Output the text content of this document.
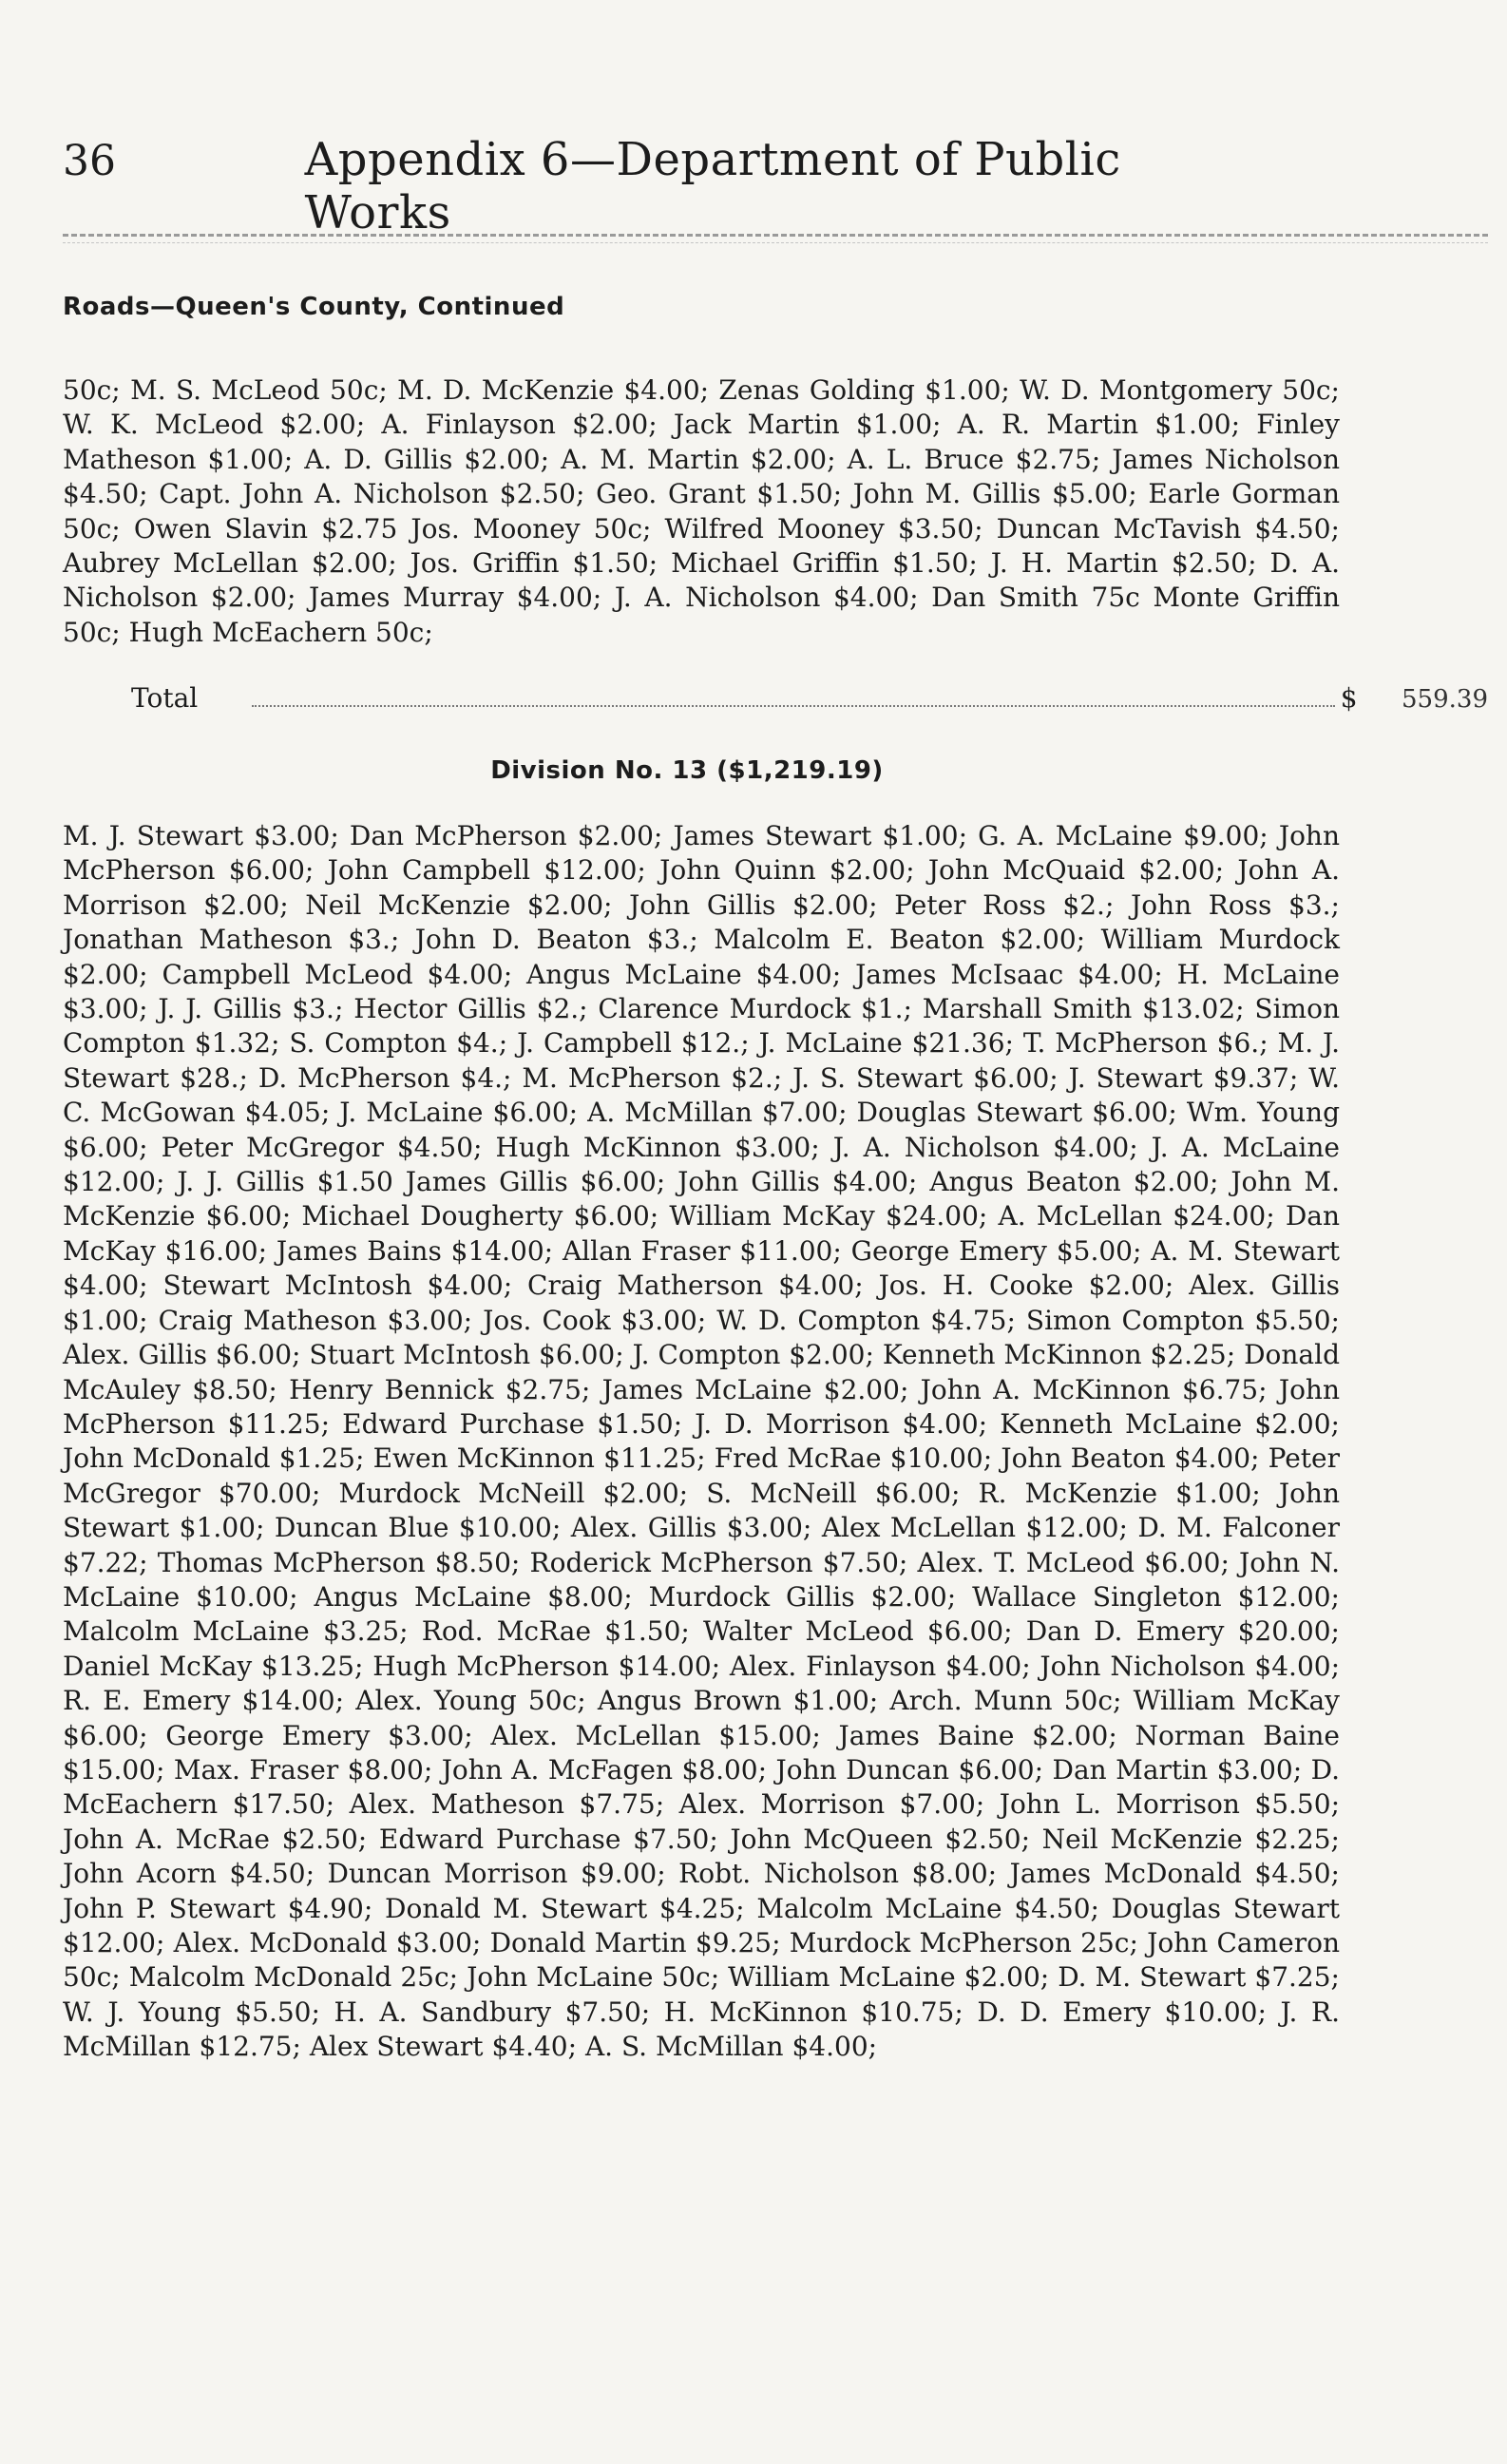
36	Appendix 6—Department of Public Works
Roads—Queen's County, Continued
50c; M. S. McLeod 50c; M. D. McKenzie $4.00; Zenas Golding $1.00; W. D. Montgomery 50c; W. K. McLeod $2.00; A. Finlayson $2.00; Jack Martin $1.00; A. R. Martin $1.00; Finley Matheson $1.00; A. D. Gillis $2.00; A. M. Martin $2.00; A. L. Bruce $2.75; James Nicholson $4.50; Capt. John A. Nicholson $2.50; Geo. Grant $1.50; John M. Gillis $5.00; Earle Gorman 50c; Owen Slavin $2.75 Jos. Mooney 50c; Wilfred Mooney $3.50; Duncan McTavish $4.50; Aubrey McLellan $2.00; Jos. Griffin $1.50; Michael Griffin $1.50; J. H. Martin $2.50; D. A. Nicholson $2.00; James Murray $4.00; J. A. Nicholson $4.00; Dan Smith 75c Monte Griffin 50c; Hugh McEachern 50c;
Total	$	559.39
Division No. 13 ($1,219.19)
M. J. Stewart $3.00; Dan McPherson $2.00; James Stewart $1.00; G. A. McLaine $9.00; John McPherson $6.00; John Campbell $12.00; John Quinn $2.00; John McQuaid $2.00; John A. Morrison $2.00; Neil McKenzie $2.00; John Gillis $2.00; Peter Ross $2.; John Ross $3.; Jonathan Matheson $3.; John D. Beaton $3.; Malcolm E. Beaton $2.00; William Murdock $2.00; Campbell McLeod $4.00; Angus McLaine $4.00; James McIsaac $4.00; H. McLaine $3.00; J. J. Gillis $3.; Hector Gillis $2.; Clarence Murdock $1.; Marshall Smith $13.02; Simon Compton $1.32; S. Compton $4.; J. Campbell $12.; J. McLaine $21.36; T. McPherson $6.; M. J. Stewart $28.; D. McPherson $4.; M. McPherson $2.; J. S. Stewart $6.00; J. Stewart $9.37; W. C. McGowan $4.05; J. McLaine $6.00; A. McMillan $7.00; Douglas Stewart $6.00; Wm. Young $6.00; Peter McGregor $4.50; Hugh McKinnon $3.00; J. A. Nicholson $4.00; J. A. McLaine $12.00; J. J. Gillis $1.50 James Gillis $6.00; John Gillis $4.00; Angus Beaton $2.00; John M. McKenzie $6.00; Michael Dougherty $6.00; William McKay $24.00; A. McLellan $24.00; Dan McKay $16.00; James Bains $14.00; Allan Fraser $11.00; George Emery $5.00; A. M. Stewart $4.00; Stewart McIntosh $4.00; Craig Matherson $4.00; Jos. H. Cooke $2.00; Alex. Gillis $1.00; Craig Matheson $3.00; Jos. Cook $3.00; W. D. Compton $4.75; Simon Compton $5.50; Alex. Gillis $6.00; Stuart McIntosh $6.00; J. Compton $2.00; Kenneth McKinnon $2.25; Donald McAuley $8.50; Henry Bennick $2.75; James McLaine $2.00; John A. McKinnon $6.75; John McPherson $11.25; Edward Purchase $1.50; J. D. Morrison $4.00; Kenneth McLaine $2.00; John McDonald $1.25; Ewen McKinnon $11.25; Fred McRae $10.00; John Beaton $4.00; Peter McGregor $70.00; Murdock McNeill $2.00; S. McNeill $6.00; R. McKenzie $1.00; John Stewart $1.00; Duncan Blue $10.00; Alex. Gillis $3.00; Alex McLellan $12.00; D. M. Falconer $7.22; Thomas McPherson $8.50; Roderick McPherson $7.50; Alex. T. McLeod $6.00; John N. McLaine $10.00; Angus McLaine $8.00; Murdock Gillis $2.00; Wallace Singleton $12.00; Malcolm McLaine $3.25; Rod. McRae $1.50; Walter McLeod $6.00; Dan D. Emery $20.00; Daniel McKay $13.25; Hugh McPherson $14.00; Alex. Finlayson $4.00; John Nicholson $4.00; R. E. Emery $14.00; Alex. Young 50c; Angus Brown $1.00; Arch. Munn 50c; William McKay $6.00; George Emery $3.00; Alex. McLellan $15.00; James Baine $2.00; Norman Baine $15.00; Max. Fraser $8.00; John A. McFagen $8.00; John Duncan $6.00; Dan Martin $3.00; D. McEachern $17.50; Alex. Matheson $7.75; Alex. Morrison $7.00; John L. Morrison $5.50; John A. McRae $2.50; Edward Purchase $7.50; John McQueen $2.50; Neil McKenzie $2.25; John Acorn $4.50; Duncan Morrison $9.00; Robt. Nicholson $8.00; James McDonald $4.50; John P. Stewart $4.90; Donald M. Stewart $4.25; Malcolm McLaine $4.50; Douglas Stewart $12.00; Alex. McDonald $3.00; Donald Martin $9.25; Murdock McPherson 25c; John Cameron 50c; Malcolm McDonald 25c; John McLaine 50c; William McLaine $2.00; D. M. Stewart $7.25; W. J. Young $5.50; H. A. Sandbury $7.50; H. McKinnon $10.75; D. D. Emery $10.00; J. R. McMillan $12.75; Alex Stewart $4.40; A. S. McMillan $4.00;
